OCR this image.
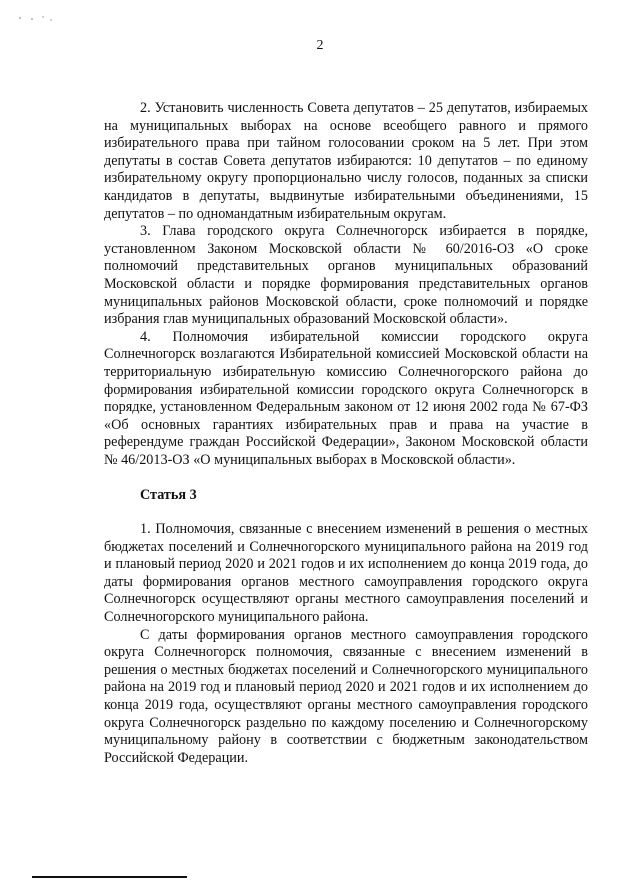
2

2. Установить численность Совета депутатов – 25 депутатов, избираемых на муниципальных выборах на основе всеобщего равного и прямого избирательного права при тайном голосовании сроком на 5 лет. При этом депутаты в состав Совета депутатов избираются: 10 депутатов – по единому избирательному округу пропорционально числу голосов, поданных за списки кандидатов в депутаты, выдвинутые избирательными объединениями, 15 депутатов – по одномандатным избирательным округам.

3. Глава городского округа Солнечногорск избирается в порядке, установленном Законом Московской области № 60/2016-ОЗ «О сроке полномочий представительных органов муниципальных образований Московской области и порядке формирования представительных органов муниципальных районов Московской области, сроке полномочий и порядке избрания глав муниципальных образований Московской области».

4. Полномочия избирательной комиссии городского округа Солнечногорск возлагаются Избирательной комиссией Московской области на территориальную избирательную комиссию Солнечногорского района до формирования избирательной комиссии городского округа Солнечногорск в порядке, установленном Федеральным законом от 12 июня 2002 года № 67-ФЗ «Об основных гарантиях избирательных прав и права на участие в референдуме граждан Российской Федерации», Законом Московской области № 46/2013-ОЗ «О муниципальных выборах в Московской области».

Статья 3

1. Полномочия, связанные с внесением изменений в решения о местных бюджетах поселений и Солнечногорского муниципального района на 2019 год и плановый период 2020 и 2021 годов и их исполнением до конца 2019 года, до даты формирования органов местного самоуправления городского округа Солнечногорск осуществляют органы местного самоуправления поселений и Солнечногорского муниципального района.

С даты формирования органов местного самоуправления городского округа Солнечногорск полномочия, связанные с внесением изменений в решения о местных бюджетах поселений и Солнечногорского муниципального района на 2019 год и плановый период 2020 и 2021 годов и их исполнением до конца 2019 года, осуществляют органы местного самоуправления городского округа Солнечногорск раздельно по каждому поселению и Солнечногорскому муниципальному району в соответствии с бюджетным законодательством Российской Федерации.
